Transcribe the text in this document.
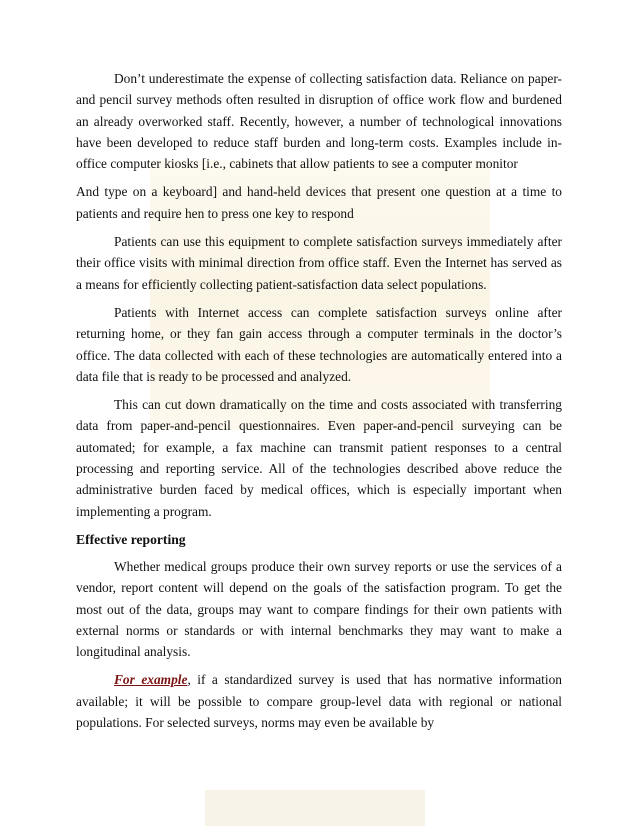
Don’t underestimate the expense of collecting satisfaction data. Reliance on paper-and pencil survey methods often resulted in disruption of office work flow and burdened an already overworked staff. Recently, however, a number of technological innovations have been developed to reduce staff burden and long-term costs. Examples include in-office computer kiosks [i.e., cabinets that allow patients to see a computer monitor

And type on a keyboard] and hand-held devices that present one question at a time to patients and require hen to press one key to respond

Patients can use this equipment to complete satisfaction surveys immediately after their office visits with minimal direction from office staff. Even the Internet has served as a means for efficiently collecting patient-satisfaction data select populations.

Patients with Internet access can complete satisfaction surveys online after returning home, or they fan gain access through a computer terminals in the doctor’s office. The data collected with each of these technologies are automatically entered into a data file that is ready to be processed and analyzed.

This can cut down dramatically on the time and costs associated with transferring data from paper-and-pencil questionnaires. Even paper-and-pencil surveying can be automated; for example, a fax machine can transmit patient responses to a central processing and reporting service. All of the technologies described above reduce the administrative burden faced by medical offices, which is especially important when implementing a program.

Effective reporting

Whether medical groups produce their own survey reports or use the services of a vendor, report content will depend on the goals of the satisfaction program. To get the most out of the data, groups may want to compare findings for their own patients with external norms or standards or with internal benchmarks they may want to make a longitudinal analysis.

For example, if a standardized survey is used that has normative information available; it will be possible to compare group-level data with regional or national populations. For selected surveys, norms may even be available by
